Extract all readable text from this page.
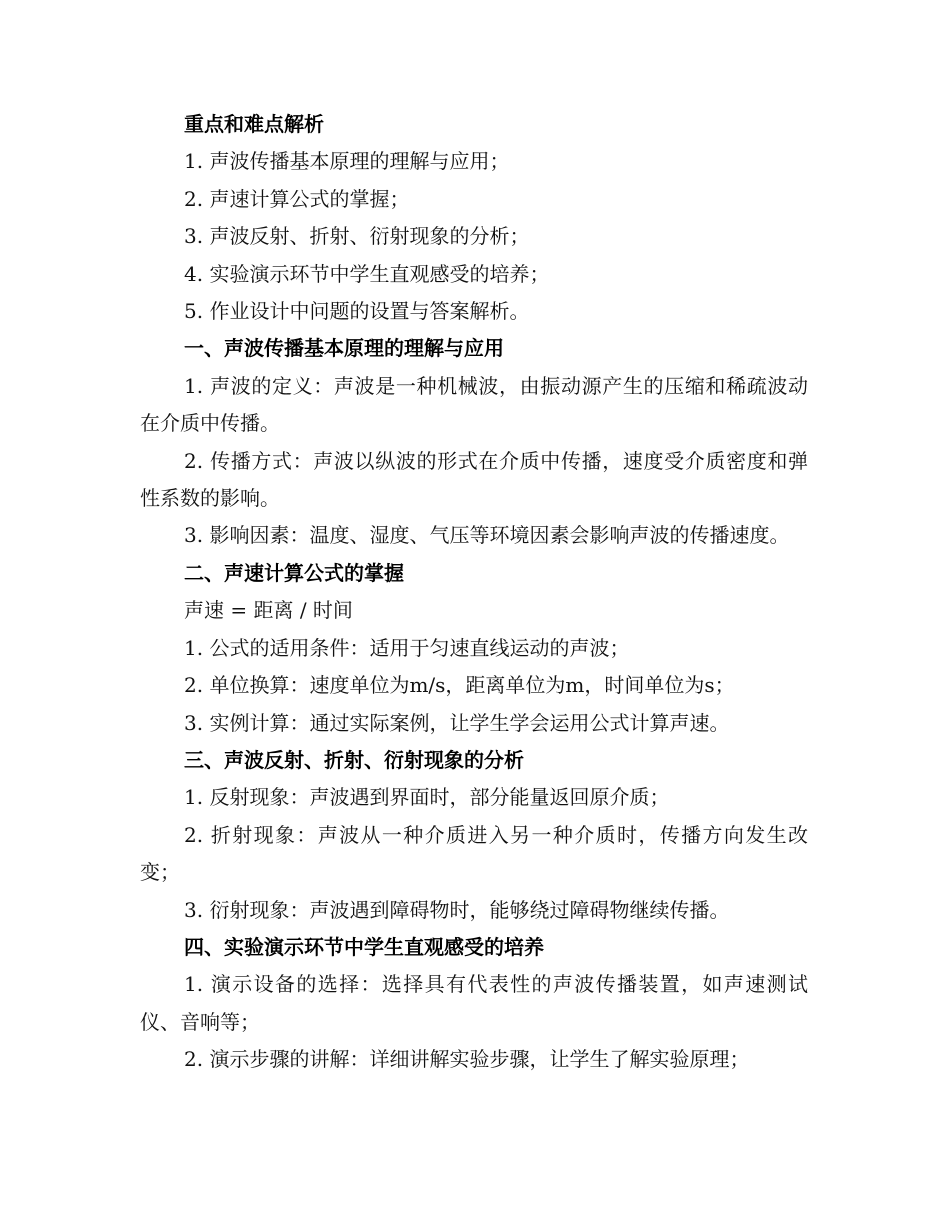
重点和难点解析

1. 声波传播基本原理的理解与应用；

2. 声速计算公式的掌握；

3. 声波反射、折射、衍射现象的分析；

4. 实验演示环节中学生直观感受的培养；

5. 作业设计中问题的设置与答案解析。

一、声波传播基本原理的理解与应用

1. 声波的定义：声波是一种机械波，由振动源产生的压缩和稀疏波动在介质中传播。

2. 传播方式：声波以纵波的形式在介质中传播，速度受介质密度和弹性系数的影响。

3. 影响因素：温度、湿度、气压等环境因素会影响声波的传播速度。

二、声速计算公式的掌握

声速 = 距离 / 时间

1. 公式的适用条件：适用于匀速直线运动的声波；

2. 单位换算：速度单位为m/s，距离单位为m，时间单位为s；

3. 实例计算：通过实际案例，让学生学会运用公式计算声速。

三、声波反射、折射、衍射现象的分析

1. 反射现象：声波遇到界面时，部分能量返回原介质；

2. 折射现象：声波从一种介质进入另一种介质时，传播方向发生改变；

3. 衍射现象：声波遇到障碍物时，能够绕过障碍物继续传播。

四、实验演示环节中学生直观感受的培养

1. 演示设备的选择：选择具有代表性的声波传播装置，如声速测试仪、音响等；

2. 演示步骤的讲解：详细讲解实验步骤，让学生了解实验原理；
